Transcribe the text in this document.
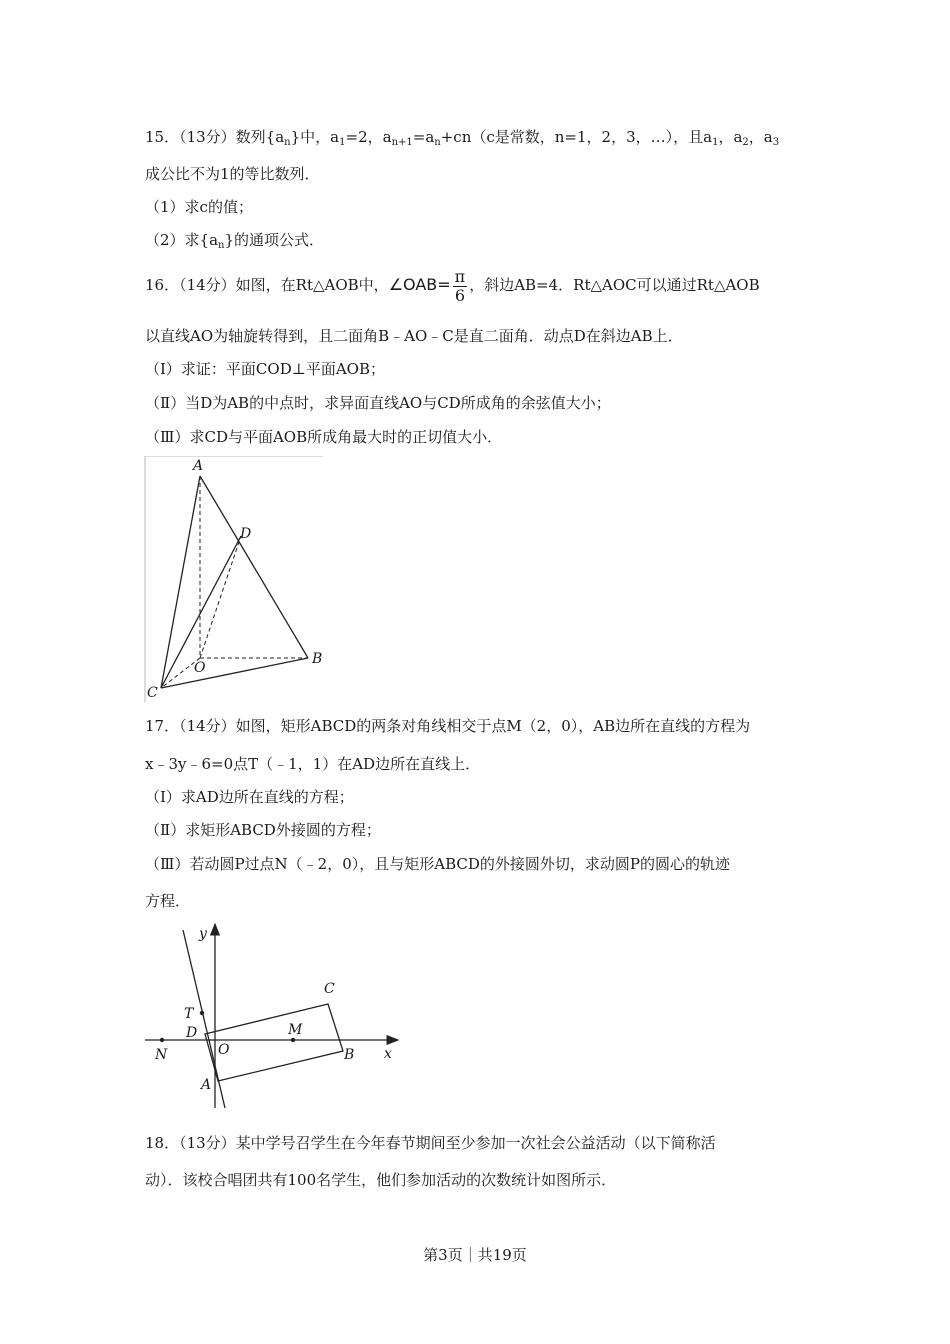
15．（13分）数列$\{a_n\}$中，$a_1=2$，$a_{n+1}=a_n+cn(c$是常数，n=1，2，3，…），且$a_1$，$a_2$，$a_3$
成公比不为1的等比数列．
（1）求c的值；
（2）求$\{a_n\}$的通项公式．
16．（14分）如图，在Rt△AOB中，∠OAB= $\frac{\pi}{6}$ ，斜边AB=4．Rt△AOC可以通过Rt△AOB
以直线AO为轴旋转得到，且二面角B﹣AO﹣C是直二面角．动点D在斜边AB上．
（Ⅰ）求证：平面COD⊥平面AOB；
（Ⅱ）当D为AB的中点时，求异面直线AO与CD所成角的余弦值大小；
（Ⅲ）求CD与平面AOB所成角最大时的正切值大小．
A
D
O
B
C
17．（14分）如图，矩形ABCD的两条对角线相交于点M（2，0），AB边所在直线的方程为
x﹣3y﹣6=0点T（﹣1，1）在AD边所在直线上．
（Ⅰ）求AD边所在直线的方程；
（Ⅱ）求矩形ABCD外接圆的方程；
（Ⅲ）若动圆P过点N（﹣2，0），且与矩形ABCD的外接圆外切，求动圆P的圆心的轨迹
方程．
y
x
T
D
N	O
M
C
B
A
18．（13分）某中学号召学生在今年春节期间至少参加一次社会公益活动（以下简称活
动）．该校合唱团共有100名学生，他们参加活动的次数统计如图所示．
第3页｜共19页
